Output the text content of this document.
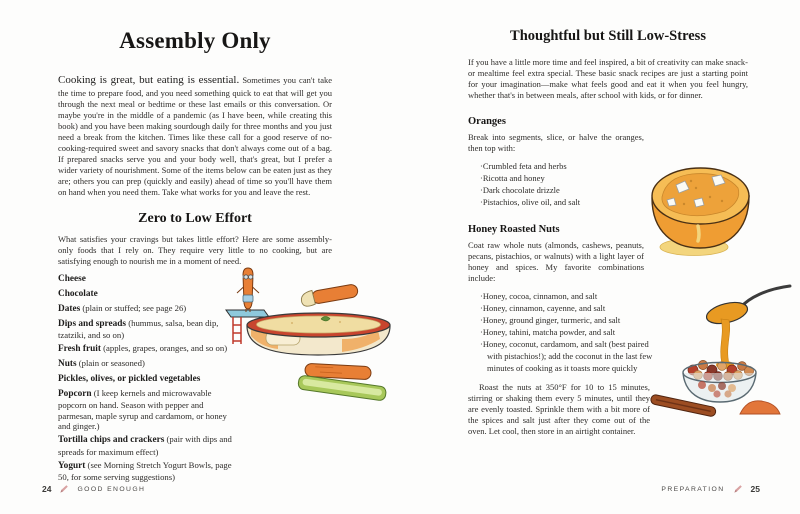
Assembly Only

Cooking is great, but eating is essential. Sometimes you can't take the time to prepare food, and you need something quick to eat that will get you through the next meal or bedtime or these last emails or this conversation. Or maybe you're in the middle of a pandemic (as I have been, while creating this book) and you have been making sourdough daily for three months and you just need a break from the kitchen. Times like these call for a good reserve of no-cooking-required sweet and savory snacks that don't always come out of a bag. If prepared snacks serve you and your body well, that's great, but I prefer a wider variety of nourishment. Some of the items below can be eaten just as they are; others you can prep (quickly and easily) ahead of time so you'll have them on hand when you need them. Take what works for you and leave the rest.

Zero to Low Effort

What satisfies your cravings but takes little effort? Here are some assembly-only foods that I rely on. They require very little to no cooking, but are satisfying enough to nourish me in a moment of need.

Cheese

Chocolate

Dates (plain or stuffed; see page 26)

Dips and spreads (hummus, salsa, bean dip, tzatziki, and so on)

Fresh fruit (apples, grapes, oranges, and so on)

Nuts (plain or seasoned)

Pickles, olives, or pickled vegetables

Popcorn (I keep kernels and microwavable popcorn on hand. Season with pepper and parmesan, maple syrup and cardamom, or honey and ginger.)

Tortilla chips and crackers (pair with dips and spreads for maximum effect)

Yogurt (see Morning Stretch Yogurt Bowls, page 50, for some serving suggestions)

24	GOOD ENOUGH
Thoughtful but Still Low-Stress

If you have a little more time and feel inspired, a bit of creativity can make snack- or mealtime feel extra special. These basic snack recipes are just a starting point for your imagination—make what feels good and eat it when you feel hungry, whether that's in between meals, after school with kids, or for dinner.

Oranges

Break into segments, slice, or halve the oranges, then top with:

· Crumbled feta and herbs
· Ricotta and honey
· Dark chocolate drizzle
· Pistachios, olive oil, and salt
Honey Roasted Nuts

Coat raw whole nuts (almonds, cashews, peanuts, pecans, pistachios, or walnuts) with a light layer of honey and spices. My favorite combinations include:

· Honey, cocoa, cinnamon, and salt
· Honey, cinnamon, cayenne, and salt
· Honey, ground ginger, turmeric, and salt
· Honey, tahini, matcha powder, and salt
· Honey, coconut, cardamom, and salt (best paired with pistachios!); add the coconut in the last few minutes of cooking as it toasts more quickly

Roast the nuts at 350°F for 10 to 15 minutes, stirring or shaking them every 5 minutes, until they are evenly toasted. Sprinkle them with a bit more of the spices and salt just after they come out of the oven. Let cool, then store in an airtight container.

PREPARATION	25
